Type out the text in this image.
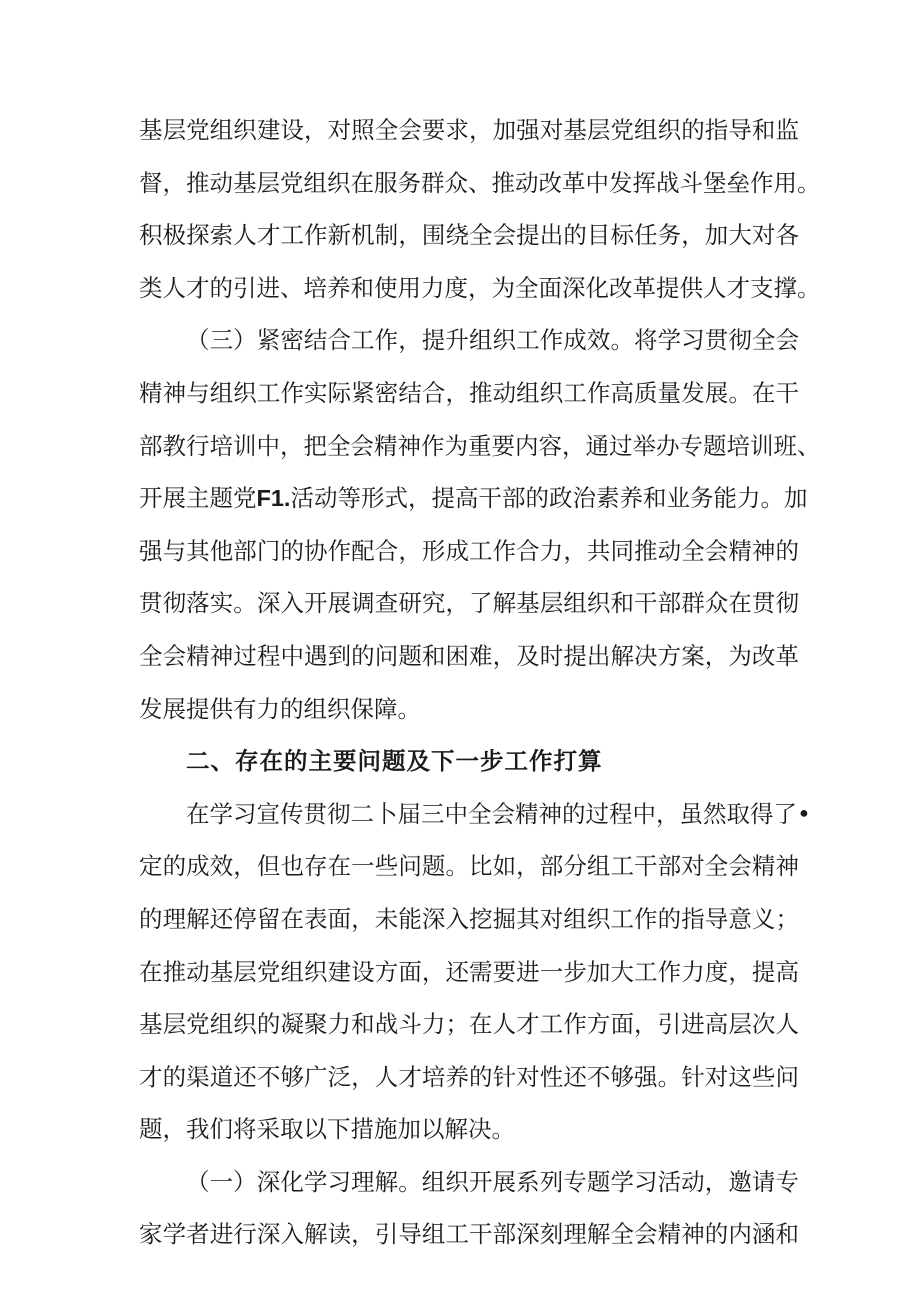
基层党组织建设，对照全会要求，加强对基层党组织的指导和监
督，推动基层党组织在服务群众、推动改革中发挥战斗堡垒作用。
积极探索人才工作新机制，围绕全会提出的目标任务，加大对各
类人才的引进、培养和使用力度，为全面深化改革提供人才支撑。
（三）紧密结合工作，提升组织工作成效。将学习贯彻全会
精神与组织工作实际紧密结合，推动组织工作高质量发展。在干
部教行培训中，把全会精神作为重要内容，通过举办专题培训班、
开展主题党F1.活动等形式，提高干部的政治素养和业务能力。加
强与其他部门的协作配合，形成工作合力，共同推动全会精神的
贯彻落实。深入开展调查研究，了解基层组织和干部群众在贯彻
全会精神过程中遇到的问题和困难，及时提出解决方案，为改革
发展提供有力的组织保障。
二、存在的主要问题及下一步工作打算
在学习宣传贯彻二卜届三中全会精神的过程中，虽然取得了•
定的成效，但也存在一些问题。比如，部分组工干部对全会精神
的理解还停留在表面，未能深入挖掘其对组织工作的指导意义；
在推动基层党组织建设方面，还需要进一步加大工作力度，提高
基层党组织的凝聚力和战斗力；在人才工作方面，引进高层次人
才的渠道还不够广泛，人才培养的针对性还不够强。针对这些问
题，我们将采取以下措施加以解决。
（一）深化学习理解。组织开展系列专题学习活动，邀请专
家学者进行深入解读，引导组工干部深刻理解全会精神的内涵和
